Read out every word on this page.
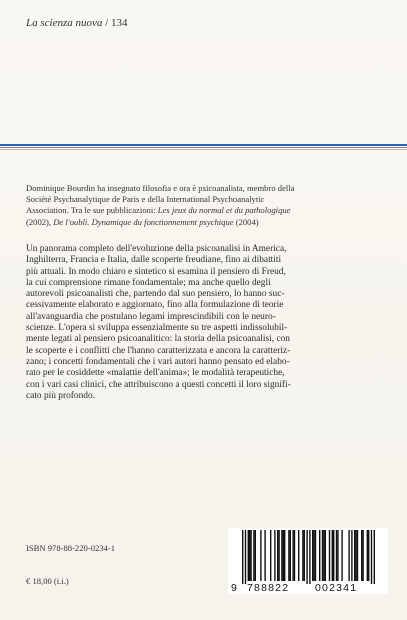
La scienza nuova / 134
Dominique Bourdin ha insegnato filosofia e ora è psicoanalista, membro della
Société Psychanalytique de Paris e della International Psychoanalytic
Association. Tra le sue pubblicazioni: Les jeux du normal et du pathologique
(2002), De l'oubli. Dynamique du fonctionnement psychique (2004)
Un panorama completo dell'evoluzione della psicoanalisi in America,
Inghilterra, Francia e Italia, dalle scoperte freudiane, fino ai dibattiti
più attuali. In modo chiaro e sintetico si esamina il pensiero di Freud,
la cui comprensione rimane fondamentale; ma anche quello degli
autorevoli psicoanalisti che, partendo dal suo pensiero, lo hanno suc-
cessivamente elaborato e aggiornato, fino alla formulazione di teorie
all'avanguardia che postulano legami imprescindibili con le neuro-
scienze. L'opera si sviluppa essenzialmente su tre aspetti indissolubil-
mente legati al pensiero psicoanalitico: la storia della psicoanalisi, con
le scoperte e i conflitti che l'hanno caratterizzata e ancora la caratteriz-
zano; i concetti fondamentali che i vari autori hanno pensato ed elabo-
rato per le cosiddette «malattie dell'anima»; le modalità terapeutiche,
con i vari casi clinici, che attribuiscono a questi concetti il loro signifi-
cato più profondo.
ISBN 978-88-220-0234-1
€ 18,00 (i.i.)
9 788822 002341
